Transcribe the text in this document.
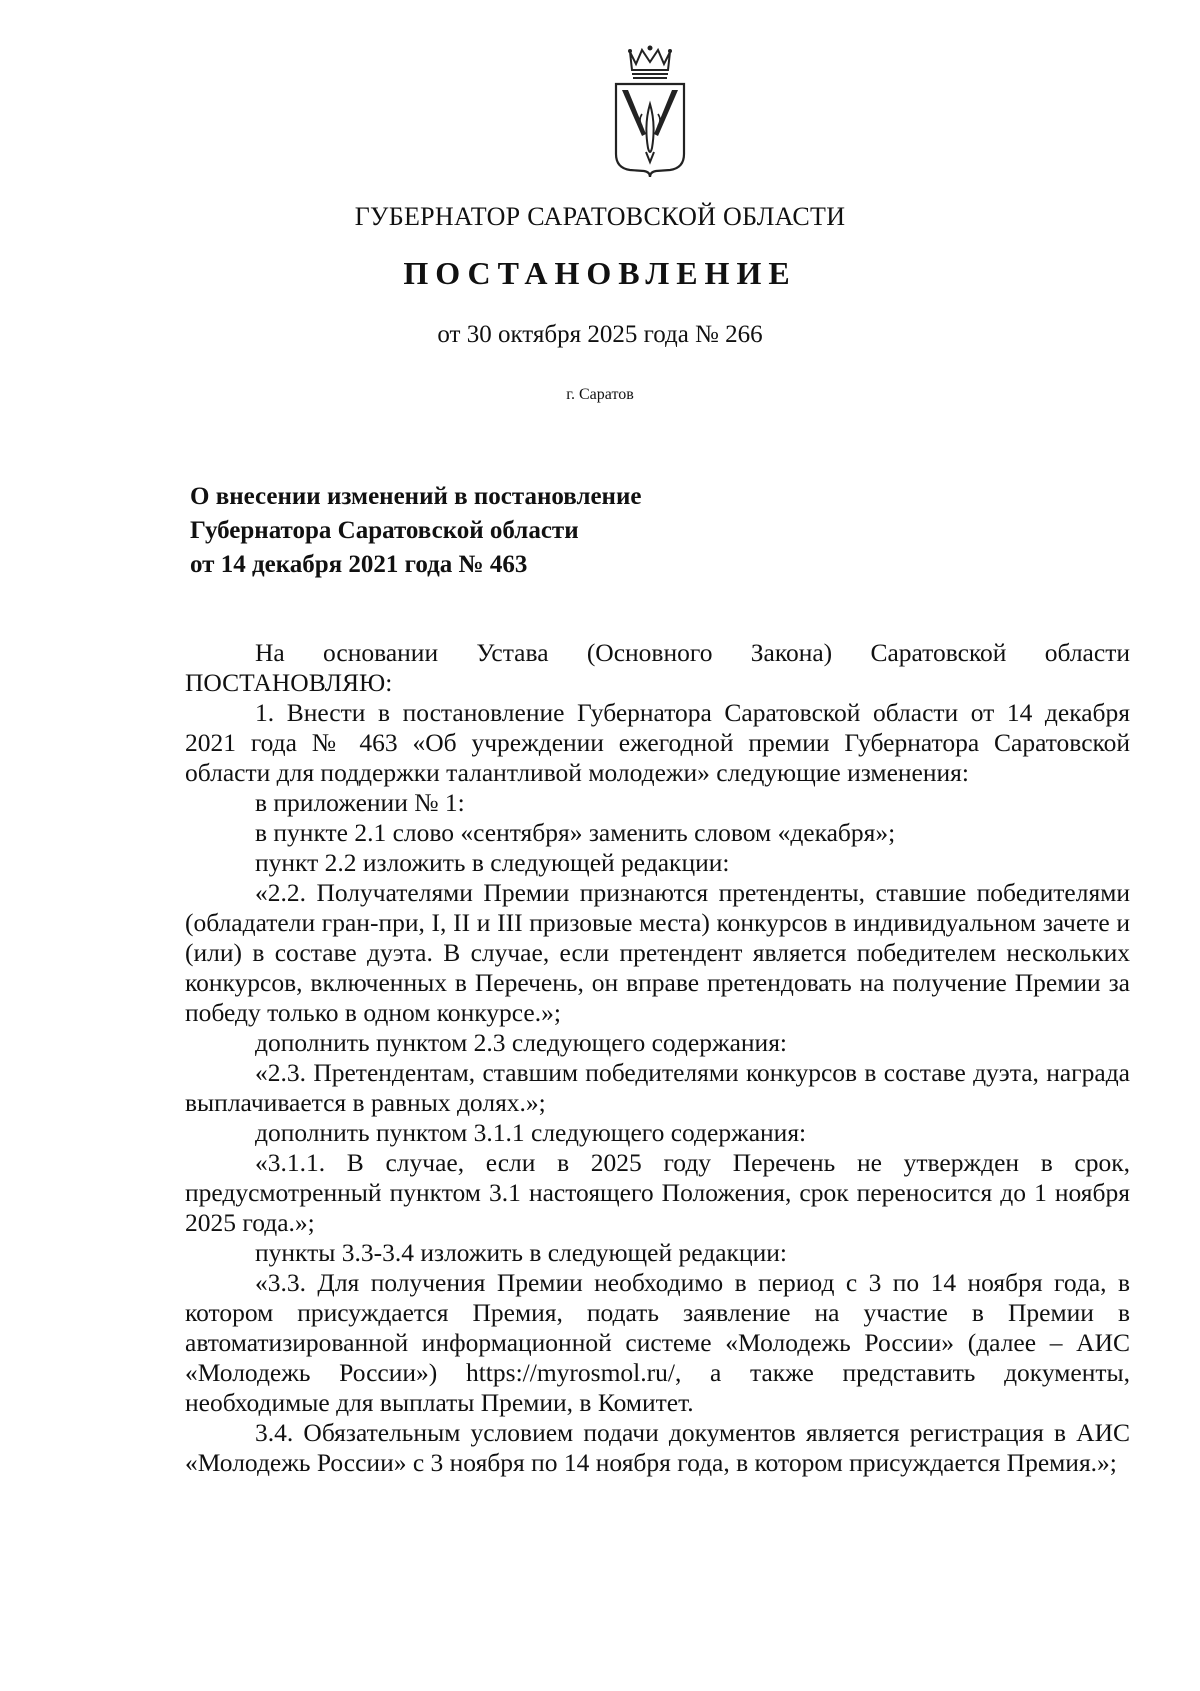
ГУБЕРНАТОР САРАТОВСКОЙ ОБЛАСТИ
ПОСТАНОВЛЕНИЕ
от 30 октября 2025 года № 266
г. Саратов
О внесении изменений в постановление
Губернатора Саратовской области
от 14 декабря 2021 года № 463

На основании Устава (Основного Закона) Саратовской области ПОСТАНОВЛЯЮ:

1. Внести в постановление Губернатора Саратовской области от 14 декабря 2021 года № 463 «Об учреждении ежегодной премии Губернатора Саратовской области для поддержки талантливой молодежи» следующие изменения:

в приложении № 1:

в пункте 2.1 слово «сентября» заменить словом «декабря»;

пункт 2.2 изложить в следующей редакции:

«2.2. Получателями Премии признаются претенденты, ставшие победителями (обладатели гран-при, I, II и III призовые места) конкурсов в индивидуальном зачете и (или) в составе дуэта. В случае, если претендент является победителем нескольких конкурсов, включенных в Перечень, он вправе претендовать на получение Премии за победу только в одном конкурсе.»;

дополнить пунктом 2.3 следующего содержания:

«2.3. Претендентам, ставшим победителями конкурсов в составе дуэта, награда выплачивается в равных долях.»;

дополнить пунктом 3.1.1 следующего содержания:

«3.1.1. В случае, если в 2025 году Перечень не утвержден в срок, предусмотренный пунктом 3.1 настоящего Положения, срок переносится до 1 ноября 2025 года.»;

пункты 3.3-3.4 изложить в следующей редакции:

«3.3. Для получения Премии необходимо в период с 3 по 14 ноября года, в котором присуждается Премия, подать заявление на участие в Премии в автоматизированной информационной системе «Молодежь России» (далее – АИС «Молодежь России») https://myrosmol.ru/, а также представить документы, необходимые для выплаты Премии, в Комитет.

3.4. Обязательным условием подачи документов является регистрация в АИС «Молодежь России» с 3 ноября по 14 ноября года, в котором присуждается Премия.»;
